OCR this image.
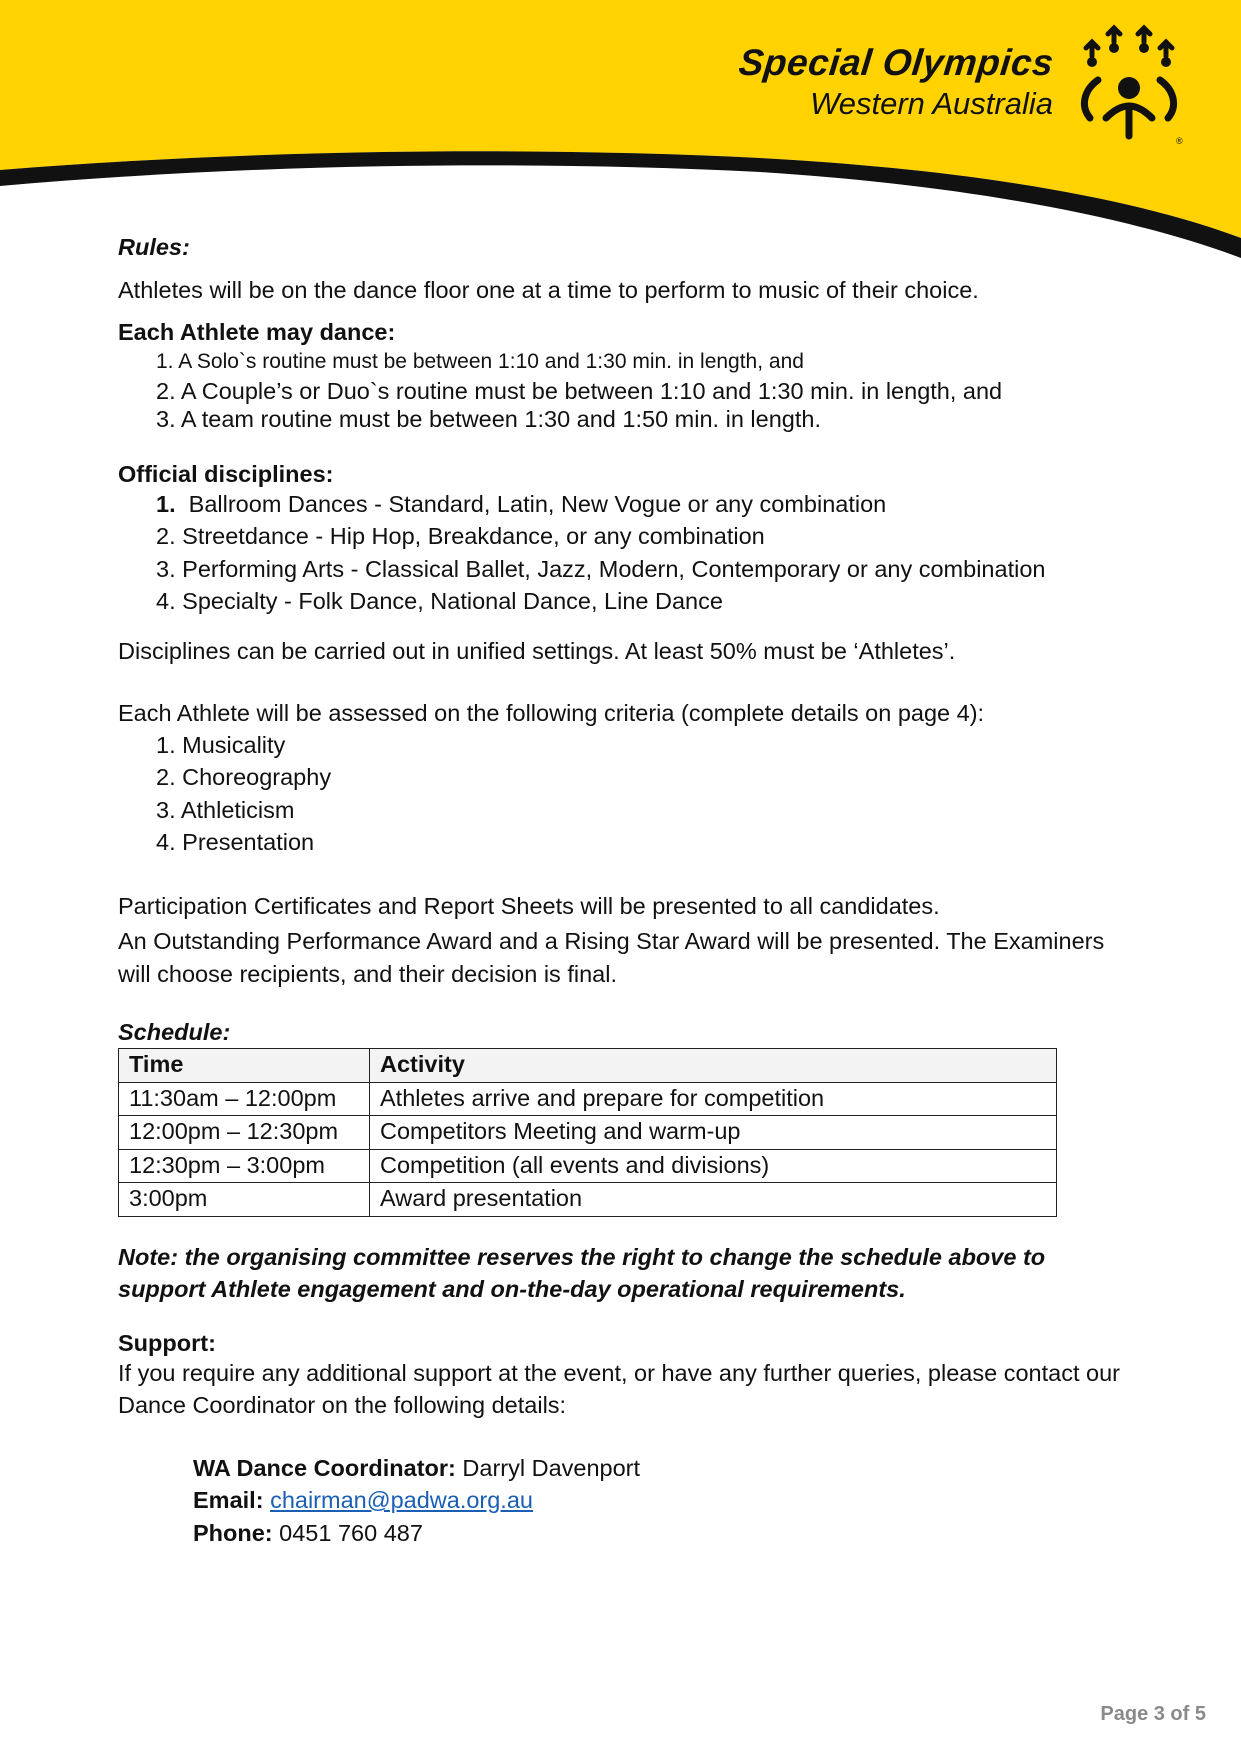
Special Olympics
Western Australia
®
Rules:
Athletes will be on the dance floor one at a time to perform to music of their choice.
Each Athlete may dance:
1. A Solo`s routine must be between 1:10 and 1:30 min. in length, and
2. A Couple’s or Duo`s routine must be between 1:10 and 1:30 min. in length, and
3. A team routine must be between 1:30 and 1:50 min. in length.
Official disciplines:
1. Ballroom Dances - Standard, Latin, New Vogue or any combination
2. Streetdance - Hip Hop, Breakdance, or any combination
3. Performing Arts - Classical Ballet, Jazz, Modern, Contemporary or any combination
4. Specialty - Folk Dance, National Dance, Line Dance
Disciplines can be carried out in unified settings. At least 50% must be ‘Athletes’.
Each Athlete will be assessed on the following criteria (complete details on page 4):
1. Musicality
2. Choreography
3. Athleticism
4. Presentation
Participation Certificates and Report Sheets will be presented to all candidates.
An Outstanding Performance Award and a Rising Star Award will be presented. The Examiners will choose recipients, and their decision is final.
Schedule:
Time	Activity
11:30am – 12:00pm	Athletes arrive and prepare for competition
12:00pm – 12:30pm	Competitors Meeting and warm-up
12:30pm – 3:00pm	Competition (all events and divisions)
3:00pm	Award presentation
Note: the organising committee reserves the right to change the schedule above to support Athlete engagement and on-the-day operational requirements.
Support:
If you require any additional support at the event, or have any further queries, please contact our Dance Coordinator on the following details:
WA Dance Coordinator: Darryl Davenport
Email: chairman@padwa.org.au
Phone: 0451 760 487
Page 3 of 5
